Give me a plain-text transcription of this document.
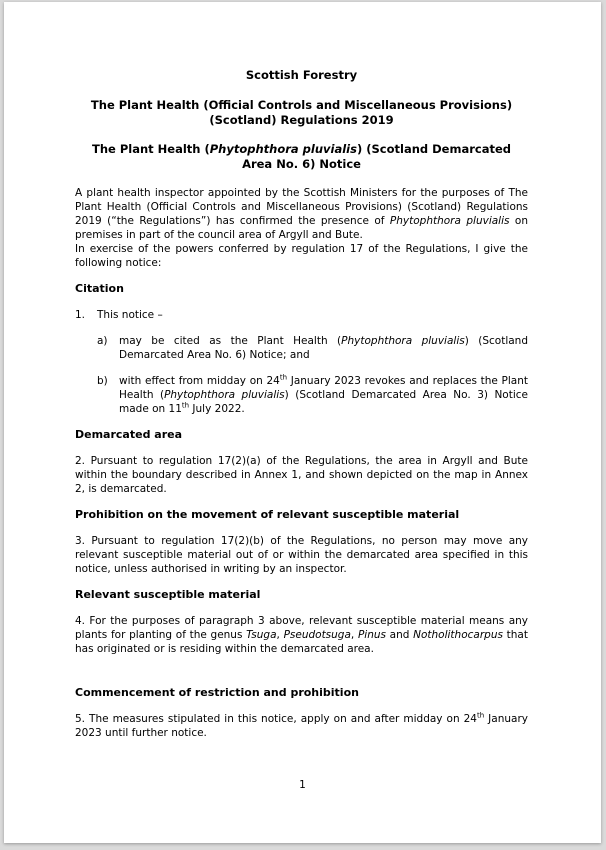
Scottish Forestry
The Plant Health (Official Controls and Miscellaneous Provisions) (Scotland) Regulations 2019
The Plant Health (Phytophthora pluvialis) (Scotland Demarcated Area No. 6) Notice

A plant health inspector appointed by the Scottish Ministers for the purposes of The Plant Health (Official Controls and Miscellaneous Provisions) (Scotland) Regulations 2019 (“the Regulations”) has confirmed the presence of Phytophthora pluvialis on premises in part of the council area of Argyll and Bute.

In exercise of the powers conferred by regulation 17 of the Regulations, I give the following notice:

Citation
1.	This notice –
a)	may be cited as the Plant Health (Phytophthora pluvialis) (Scotland Demarcated Area No. 6) Notice; and
b)	with effect from midday on 24th January 2023 revokes and replaces the Plant Health (Phytophthora pluvialis) (Scotland Demarcated Area No. 3) Notice made on 11th July 2022.
Demarcated area

2. Pursuant to regulation 17(2)(a) of the Regulations, the area in Argyll and Bute within the boundary described in Annex 1, and shown depicted on the map in Annex 2, is demarcated.

Prohibition on the movement of relevant susceptible material

3. Pursuant to regulation 17(2)(b) of the Regulations, no person may move any relevant susceptible material out of or within the demarcated area specified in this notice, unless authorised in writing by an inspector.

Relevant susceptible material

4. For the purposes of paragraph 3 above, relevant susceptible material means any plants for planting of the genus Tsuga, Pseudotsuga, Pinus and Notholithocarpus that has originated or is residing within the demarcated area.

Commencement of restriction and prohibition

5. The measures stipulated in this notice, apply on and after midday on 24th January 2023 until further notice.

1
